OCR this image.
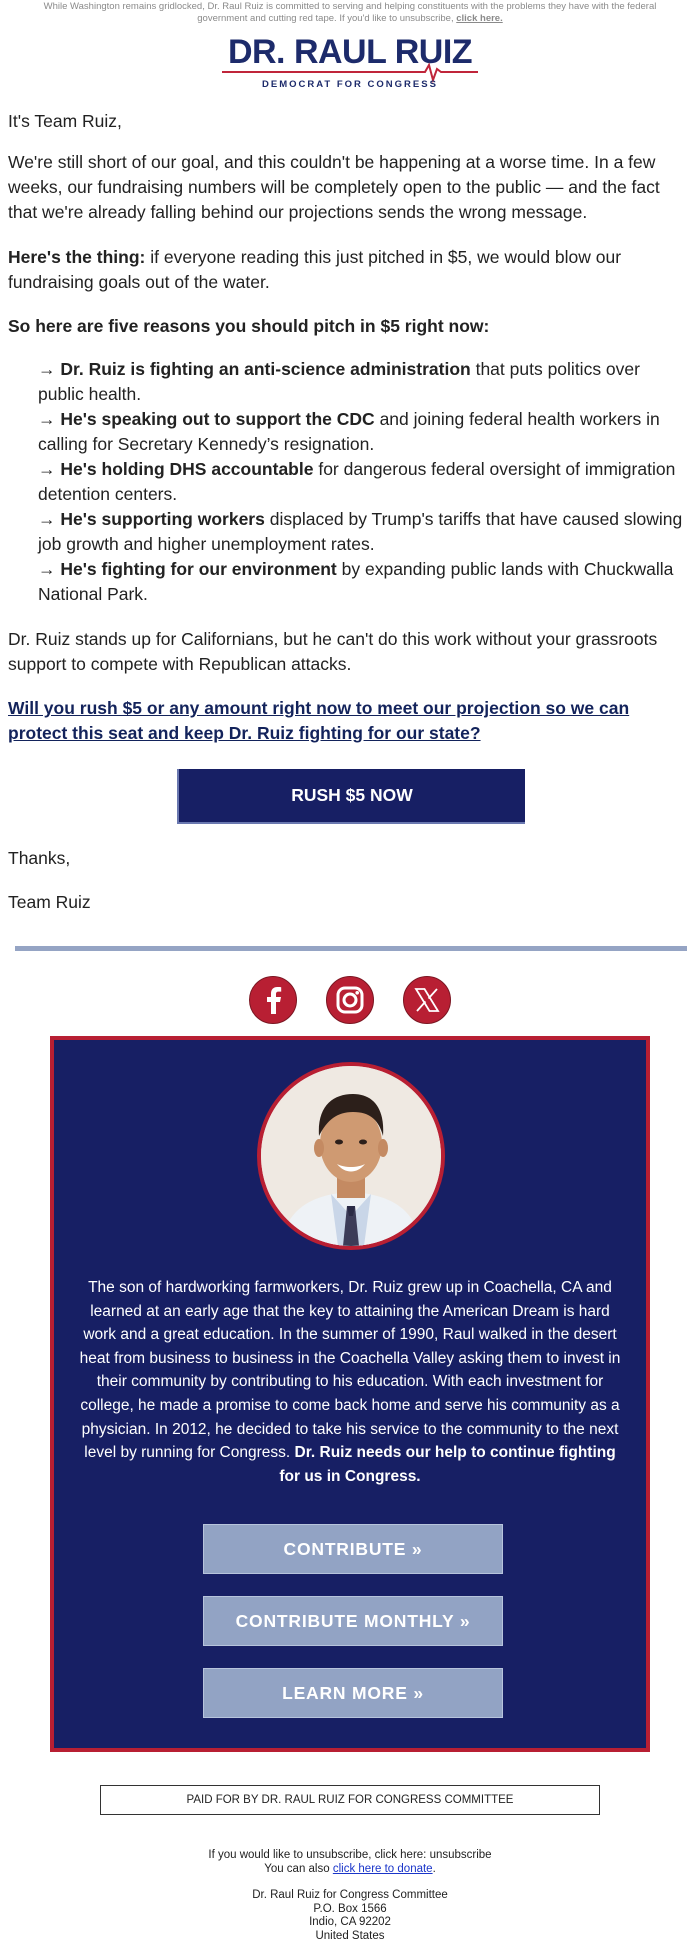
While Washington remains gridlocked, Dr. Raul Ruiz is committed to serving and helping constituents with the problems they have with the federal government and cutting red tape. If you'd like to unsubscribe, click here.
DR. RAUL RUIZ
DEMOCRAT FOR CONGRESS

It's Team Ruiz,

We're still short of our goal, and this couldn't be happening at a worse time. In a few weeks, our fundraising numbers will be completely open to the public — and the fact that we're already falling behind our projections sends the wrong message.

Here's the thing: if everyone reading this just pitched in $5, we would blow our fundraising goals out of the water.

So here are five reasons you should pitch in $5 right now:

→ Dr. Ruiz is fighting an anti-science administration that puts politics over public health.
→ He's speaking out to support the CDC and joining federal health workers in calling for Secretary Kennedy’s resignation.
→ He's holding DHS accountable for dangerous federal oversight of immigration detention centers.
→ He's supporting workers displaced by Trump's tariffs that have caused slowing job growth and higher unemployment rates.
→ He's fighting for our environment by expanding public lands with Chuckwalla National Park.

Dr. Ruiz stands up for Californians, but he can't do this work without your grassroots support to compete with Republican attacks.

Will you rush $5 or any amount right now to meet our projection so we can protect this seat and keep Dr. Ruiz fighting for our state?

RUSH $5 NOW

Thanks,

Team Ruiz

The son of hardworking farmworkers, Dr. Ruiz grew up in Coachella, CA and learned at an early age that the key to attaining the American Dream is hard work and a great education. In the summer of 1990, Raul walked in the desert heat from business to business in the Coachella Valley asking them to invest in their community by contributing to his education. With each investment for college, he made a promise to come back home and serve his community as a physician. In 2012, he decided to take his service to the community to the next level by running for Congress. Dr. Ruiz needs our help to continue fighting for us in Congress.
CONTRIBUTE »
CONTRIBUTE MONTHLY »
LEARN MORE »
PAID FOR BY DR. RAUL RUIZ FOR CONGRESS COMMITTEE
If you would like to unsubscribe, click here: unsubscribe
You can also click here to donate.
Dr. Raul Ruiz for Congress Committee
P.O. Box 1566
Indio, CA 92202
United States
